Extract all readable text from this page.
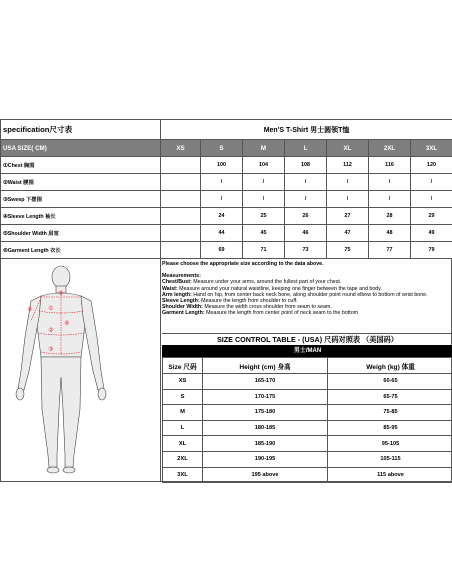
specification尺寸表	Men'S T-Shirt 男士圆领T恤						
USA SIZE( CM)	XS	S	M	L	XL	2XL	3XL
①Chest 胸围		100	104	108	112	116	120
②Waist 腰围		/	/	/	/	/	/
③Sweep 下摆围		/	/	/	/	/	/
④Sleeve Length 袖长		24	25	26	27	28	29
⑤Shoulder Width 肩宽		44	45	46	47	48	49
⑥Garment Length 衣长		69	71	73	75	77	79
⑤
①
②
③
⑥
④

Please choose the appropriate size according to the data above.

Measurements:

Chest/Bust: Measure under your arms, around the fullest part of your chest.

Waist: Measure around your natural waistline, keeping one finger between the tape and body.

Arm length: Hand on hip, from center back neck bone, along shoulder point round elbow to bottom of wrist bone.

Sleeve Length: Measure the length from shoulder to cuff.

Shoulder Width: Measure the width cross shoulder from seam to seam.

Garment Length: Measure the length from center point of neck seam to the bottom

SIZE CONTROL TABLE - (USA) 尺码对照表 （美国码）
男士/MAN
Size 尺码	Height (cm) 身高	Weigh (kg) 体重
XS	165-170	60-65
S	170-175	65-75
M	175-180	75-85
L	180-185	85-95
XL	185-190	95-105
2XL	190-195	105-115
3XL	195 above	115 above
